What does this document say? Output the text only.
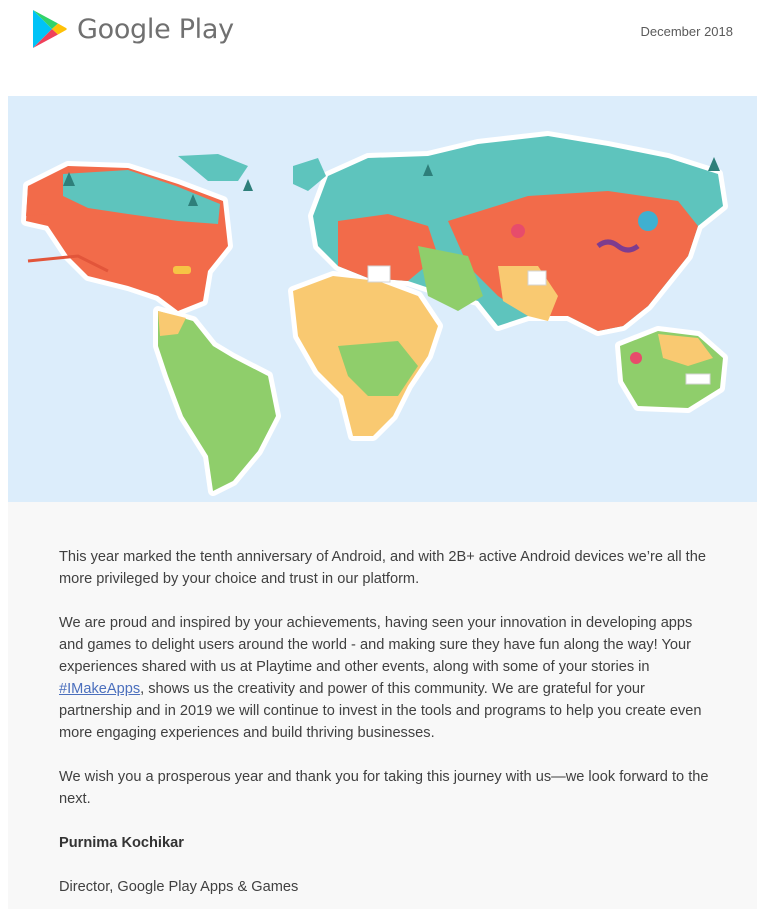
Google Play	December 2018

This year marked the tenth anniversary of Android, and with 2B+ active Android devices we’re all the more privileged by your choice and trust in our platform.

We are proud and inspired by your achievements, having seen your innovation in developing apps and games to delight users around the world - and making sure they have fun along the way! Your experiences shared with us at Playtime and other events, along with some of your stories in #IMakeApps, shows us the creativity and power of this community. We are grateful for your partnership and in 2019 we will continue to invest in the tools and programs to help you create even more engaging experiences and build thriving businesses.

We wish you a prosperous year and thank you for taking this journey with us—we look forward to the next.

Purnima Kochikar

Director, Google Play Apps & Games
